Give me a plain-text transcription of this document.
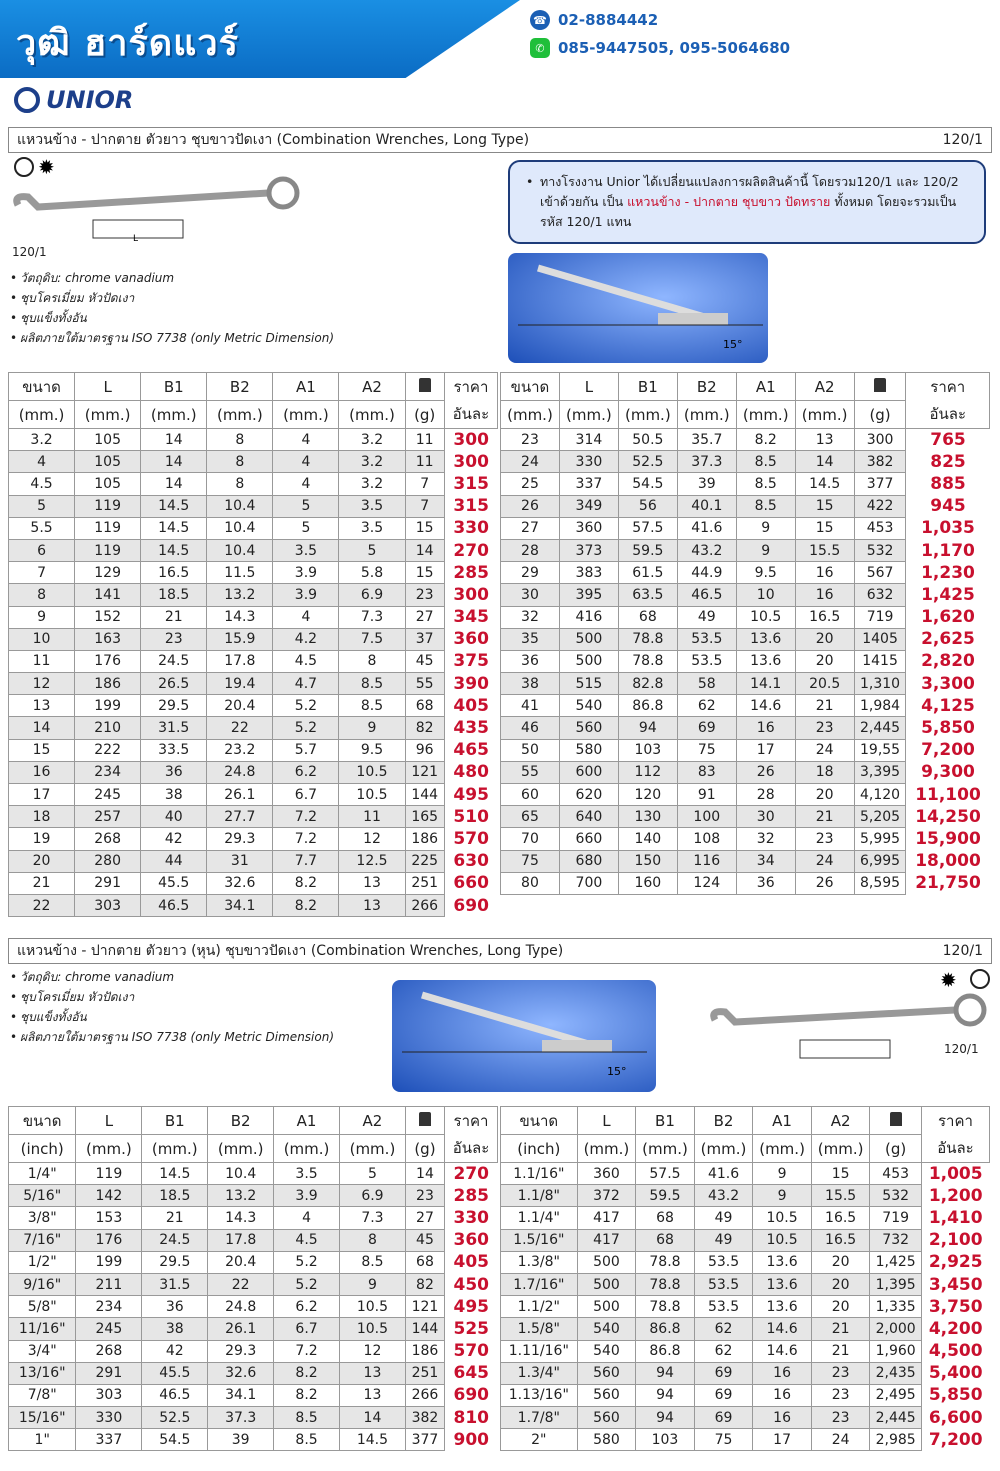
วุฒิ ฮาร์ดแวร์
☎ 02-8884442
✆ 085-9447505, 095-5064680
UNIOR
แหวนข้าง - ปากตาย ตัวยาว ชุบขาวปัดเงา (Combination Wrenches, Long Type)	120/1
✹
L
120/1
• วัตถุดิบ: chrome vanadium
• ชุบโครเมี่ยม หัวปัดเงา
• ชุบแข็งทั้งอัน
• ผลิตภายใต้มาตรฐาน ISO 7738 (only Metric Dimension)
• ทางโรงงาน Unior ได้เปลี่ยนแปลงการผลิตสินค้านี้ โดยรวม120/1 และ 120/2 เข้าด้วยกัน เป็น แหวนข้าง - ปากตาย ชุบขาว ปัดทราย ทั้งหมด โดยจะรวมเป็นรหัส 120/1 แทน
15°
ขนาด	L	B1	B2	A1	A2		ราคา
(mm.)	(mm.)	(mm.)	(mm.)	(mm.)	(mm.)	(g)	อันละ
3.2	105	14	8	4	3.2	11	300
4	105	14	8	4	3.2	11	300
4.5	105	14	8	4	3.2	7	315
5	119	14.5	10.4	5	3.5	7	315
5.5	119	14.5	10.4	5	3.5	15	330
6	119	14.5	10.4	3.5	5	14	270
7	129	16.5	11.5	3.9	5.8	15	285
8	141	18.5	13.2	3.9	6.9	23	300
9	152	21	14.3	4	7.3	27	345
10	163	23	15.9	4.2	7.5	37	360
11	176	24.5	17.8	4.5	8	45	375
12	186	26.5	19.4	4.7	8.5	55	390
13	199	29.5	20.4	5.2	8.5	68	405
14	210	31.5	22	5.2	9	82	435
15	222	33.5	23.2	5.7	9.5	96	465
16	234	36	24.8	6.2	10.5	121	480
17	245	38	26.1	6.7	10.5	144	495
18	257	40	27.7	7.2	11	165	510
19	268	42	29.3	7.2	12	186	570
20	280	44	31	7.7	12.5	225	630
21	291	45.5	32.6	8.2	13	251	660
22	303	46.5	34.1	8.2	13	266	690
ขนาด	L	B1	B2	A1	A2		ราคา
(mm.)	(mm.)	(mm.)	(mm.)	(mm.)	(mm.)	(g)	อันละ
23	314	50.5	35.7	8.2	13	300	765
24	330	52.5	37.3	8.5	14	382	825
25	337	54.5	39	8.5	14.5	377	885
26	349	56	40.1	8.5	15	422	945
27	360	57.5	41.6	9	15	453	1,035
28	373	59.5	43.2	9	15.5	532	1,170
29	383	61.5	44.9	9.5	16	567	1,230
30	395	63.5	46.5	10	16	632	1,425
32	416	68	49	10.5	16.5	719	1,620
35	500	78.8	53.5	13.6	20	1405	2,625
36	500	78.8	53.5	13.6	20	1415	2,820
38	515	82.8	58	14.1	20.5	1,310	3,300
41	540	86.8	62	14.6	21	1,984	4,125
46	560	94	69	16	23	2,445	5,850
50	580	103	75	17	24	19,55	7,200
55	600	112	83	26	18	3,395	9,300
60	620	120	91	28	20	4,120	11,100
65	640	130	100	30	21	5,205	14,250
70	660	140	108	32	23	5,995	15,900
75	680	150	116	34	24	6,995	18,000
80	700	160	124	36	26	8,595	21,750
แหวนข้าง - ปากตาย ตัวยาว (หุน) ชุบขาวปัดเงา (Combination Wrenches, Long Type)	120/1
• วัตถุดิบ: chrome vanadium
• ชุบโครเมี่ยม หัวปัดเงา
• ชุบแข็งทั้งอัน
• ผลิตภายใต้มาตรฐาน ISO 7738 (only Metric Dimension)
15°
✹
120/1
ขนาด	L	B1	B2	A1	A2		ราคา
(inch)	(mm.)	(mm.)	(mm.)	(mm.)	(mm.)	(g)	อันละ
1/4"	119	14.5	10.4	3.5	5	14	270
5/16"	142	18.5	13.2	3.9	6.9	23	285
3/8"	153	21	14.3	4	7.3	27	330
7/16"	176	24.5	17.8	4.5	8	45	360
1/2"	199	29.5	20.4	5.2	8.5	68	405
9/16"	211	31.5	22	5.2	9	82	450
5/8"	234	36	24.8	6.2	10.5	121	495
11/16"	245	38	26.1	6.7	10.5	144	525
3/4"	268	42	29.3	7.2	12	186	570
13/16"	291	45.5	32.6	8.2	13	251	645
7/8"	303	46.5	34.1	8.2	13	266	690
15/16"	330	52.5	37.3	8.5	14	382	810
1"	337	54.5	39	8.5	14.5	377	900
ขนาด	L	B1	B2	A1	A2		ราคา
(inch)	(mm.)	(mm.)	(mm.)	(mm.)	(mm.)	(g)	อันละ
1.1/16"	360	57.5	41.6	9	15	453	1,005
1.1/8"	372	59.5	43.2	9	15.5	532	1,200
1.1/4"	417	68	49	10.5	16.5	719	1,410
1.5/16"	417	68	49	10.5	16.5	732	2,100
1.3/8"	500	78.8	53.5	13.6	20	1,425	2,925
1.7/16"	500	78.8	53.5	13.6	20	1,395	3,450
1.1/2"	500	78.8	53.5	13.6	20	1,335	3,750
1.5/8"	540	86.8	62	14.6	21	2,000	4,200
1.11/16"	540	86.8	62	14.6	21	1,960	4,500
1.3/4"	560	94	69	16	23	2,435	5,400
1.13/16"	560	94	69	16	23	2,495	5,850
1.7/8"	560	94	69	16	23	2,445	6,600
2"	580	103	75	17	24	2,985	7,200
